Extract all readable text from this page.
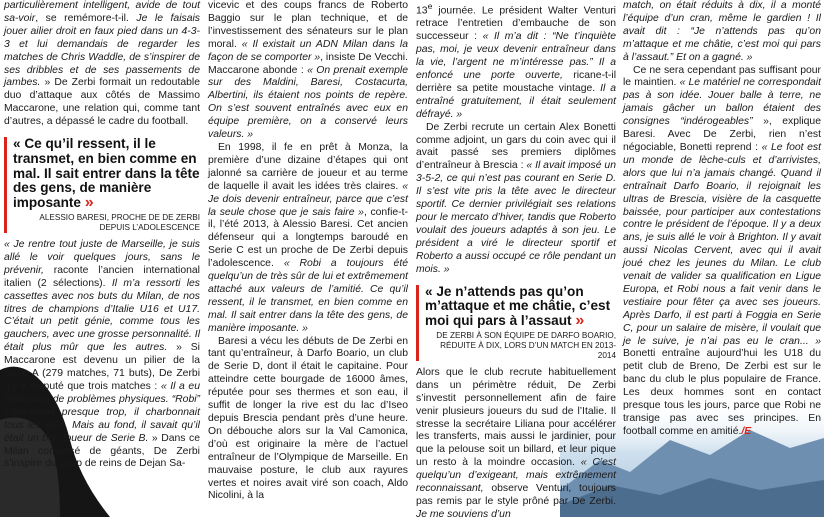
particulièrement intelligent, avide de tout sa-voir, se remémore-t-il. Je le faisais jouer ailier droit en faux pied dans un 4-3-3 et lui demandais de regarder les matches de Chris Waddle, de s’inspirer de ses dribbles et de ses passements de jambes. » De Zerbi formait un redoutable duo d’attaque aux côtés de Massimo Maccarone, une relation qui, comme tant d’autres, a dépassé le cadre du football.

« Ce qu’il ressent, il le transmet, en bien comme en mal. Il sait entrer dans la tête des gens, de manière imposante »
ALESSIO BARESI, PROCHE DE DE ZERBI
DEPUIS L’ADOLESCENCE

« Je rentre tout juste de Marseille, je suis allé le voir quelques jours, sans le prévenir, raconte l’ancien international italien (2 sélections). Il m’a ressorti les cassettes avec nos buts du Milan, de nos titres de champions d’Italie U16 et U17. C’était un petit génie, comme tous les gauchers, avec une grosse personnalité. Il était plus mûr que les autres. » Si Maccarone est devenu un pilier de la Serie A (279 matches, 71 buts), De Zerbi n’y a disputé que trois matches : « Il a eu beaucoup de problèmes physiques. “Robi” s’entraînait presque trop, il charbonnait tous les étés. Mais au fond, il savait qu’il était un bon joueur de Serie B. » Dans ce Milan composé de géants, De Zerbi s’inspire du coup de reins de Dejan Sa-

vicevic et des coups francs de Roberto Baggio sur le plan technique, et de l’investissement des sénateurs sur le plan moral. « Il existait un ADN Milan dans la façon de se comporter », insiste De Vecchi. Maccarone abonde : « On prenait exemple sur des Maldini, Baresi, Costacurta, Albertini, ils étaient nos points de repère. On s’est souvent entraînés avec eux en équipe première, on a conservé leurs valeurs. »

En 1998, il fe en prêt à Monza, la première d’une dizaine d’étapes qui ont jalonné sa carrière de joueur et au terme de laquelle il avait les idées très claires. « Je dois devenir entraîneur, parce que c’est la seule chose que je sais faire », confie-t-il, l’été 2013, à Alessio Baresi. Cet ancien défenseur qui a longtemps baroudé en Serie C est un proche de De Zerbi depuis l’adolescence. « Robi a toujours été quelqu’un de très sûr de lui et extrêmement attaché aux valeurs de l’amitié. Ce qu’il ressent, il le transmet, en bien comme en mal. Il sait entrer dans la tête des gens, de manière imposante. »

Baresi a vécu les débuts de De Zerbi en tant qu’entraîneur, à Darfo Boario, un club de Serie D, dont il était le capitaine. Pour atteindre cette bourgade de 16000 âmes, réputée pour ses thermes et son eau, il suffit de longer la rive est du lac d’Iseo depuis Brescia pendant près d’une heure. On débouche alors sur la Val Camonica, d’où est originaire la mère de l’actuel entraîneur de l’Olympique de Marseille. En mauvaise posture, le club aux rayures vertes et noires avait viré son coach, Aldo Nicolini, à la

13e journée. Le président Walter Venturi retrace l’entretien d’embauche de son successeur : « Il m’a dit : “Ne t’inquiète pas, moi, je veux devenir entraîneur dans la vie, l’argent ne m’intéresse pas.” Il a enfoncé une porte ouverte, ricane-t-il derrière sa petite moustache vintage. Il a entraîné gratuitement, il était seulement défrayé. »

De Zerbi recrute un certain Alex Bonetti comme adjoint, un gars du coin avec qui il avait passé ses premiers diplômes d’entraîneur à Brescia : « Il avait imposé un 3-5-2, ce qui n’est pas courant en Serie D. Il s’est vite pris la tête avec le directeur sportif. Ce dernier privilégiait ses relations pour le mercato d’hiver, tandis que Roberto voulait des joueurs adaptés à son jeu. Le président a viré le directeur sportif et Roberto a aussi occupé ce rôle pendant un mois. »

« Je n’attends pas qu’on m’attaque et me châtie, c’est moi qui pars à l’assaut »
DE ZERBI À SON ÉQUIPE DE DARFO BOARIO,
RÉDUITE À DIX, LORS D’UN MATCH EN 2013-2014

Alors que le club recrute habituellement dans un périmètre réduit, De Zerbi s’investit personnellement afin de faire venir plusieurs joueurs du sud de l’Italie. Il stresse la secrétaire Liliana pour accélérer les transferts, mais aussi le jardinier, pour que la pelouse soit un billard, et leur pique un resto à la moindre occasion. « C’est quelqu’un d’exigeant, mais extrêmement reconnaissant, observe Venturi, toujours pas remis par le style prôné par De Zerbi. Je me souviens d’un

match, on était réduits à dix, il a monté l’équipe d’un cran, même le gardien ! Il avait dit : “Je n’attends pas qu’on m’attaque et me châtie, c’est moi qui pars à l’assaut.” Et on a gagné. »

Ce ne sera cependant pas suffisant pour le maintien. « Le matériel ne correspondait pas à son idée. Jouer balle à terre, ne jamais gâcher un ballon étaient des consignes “indérogeables” », explique Baresi. Avec De Zerbi, rien n’est négociable, Bonetti reprend : « Le foot est un monde de lèche-culs et d’arrivistes, alors que lui n’a jamais changé. Quand il entraînait Darfo Boario, il rejoignait les ultras de Brescia, visière de la casquette baissée, pour participer aux contestations contre le président de l’époque. Il y a deux ans, je suis allé le voir à Brighton. Il y avait aussi Nicolas Cervent, avec qui il avait joué chez les jeunes du Milan. Le club venait de valider sa qualification en Ligue Europa, et Robi nous a fait venir dans le vestiaire pour fêter ça avec ses joueurs. Après Darfo, il est parti à Foggia en Serie C, pour un salaire de misère, il voulait que je le suive, je n’ai pas eu le cran... » Bonetti entraîne aujourd’hui les U18 du petit club de Breno, De Zerbi est sur le banc du club le plus populaire de France. Les deux hommes sont en contact presque tous les jours, parce que Robi ne transige pas avec ses principes. En football comme en amitié./E
